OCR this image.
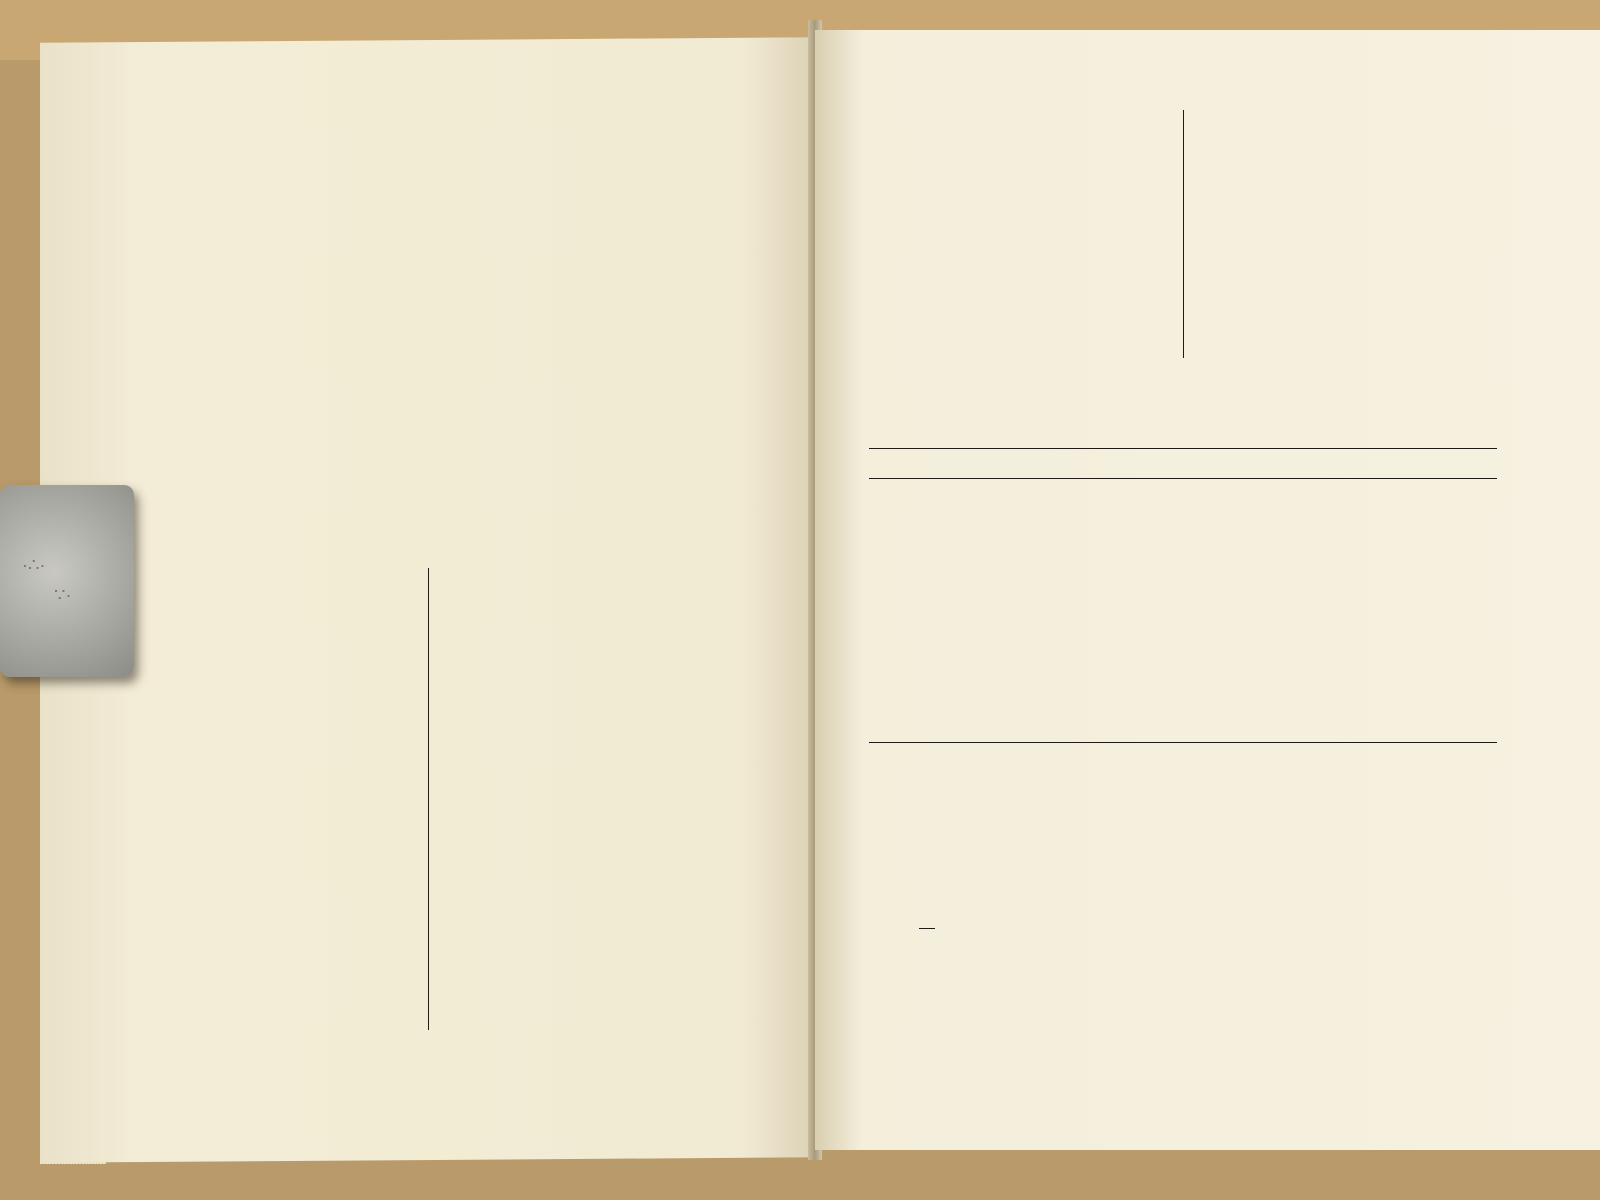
·∴·
∵·
